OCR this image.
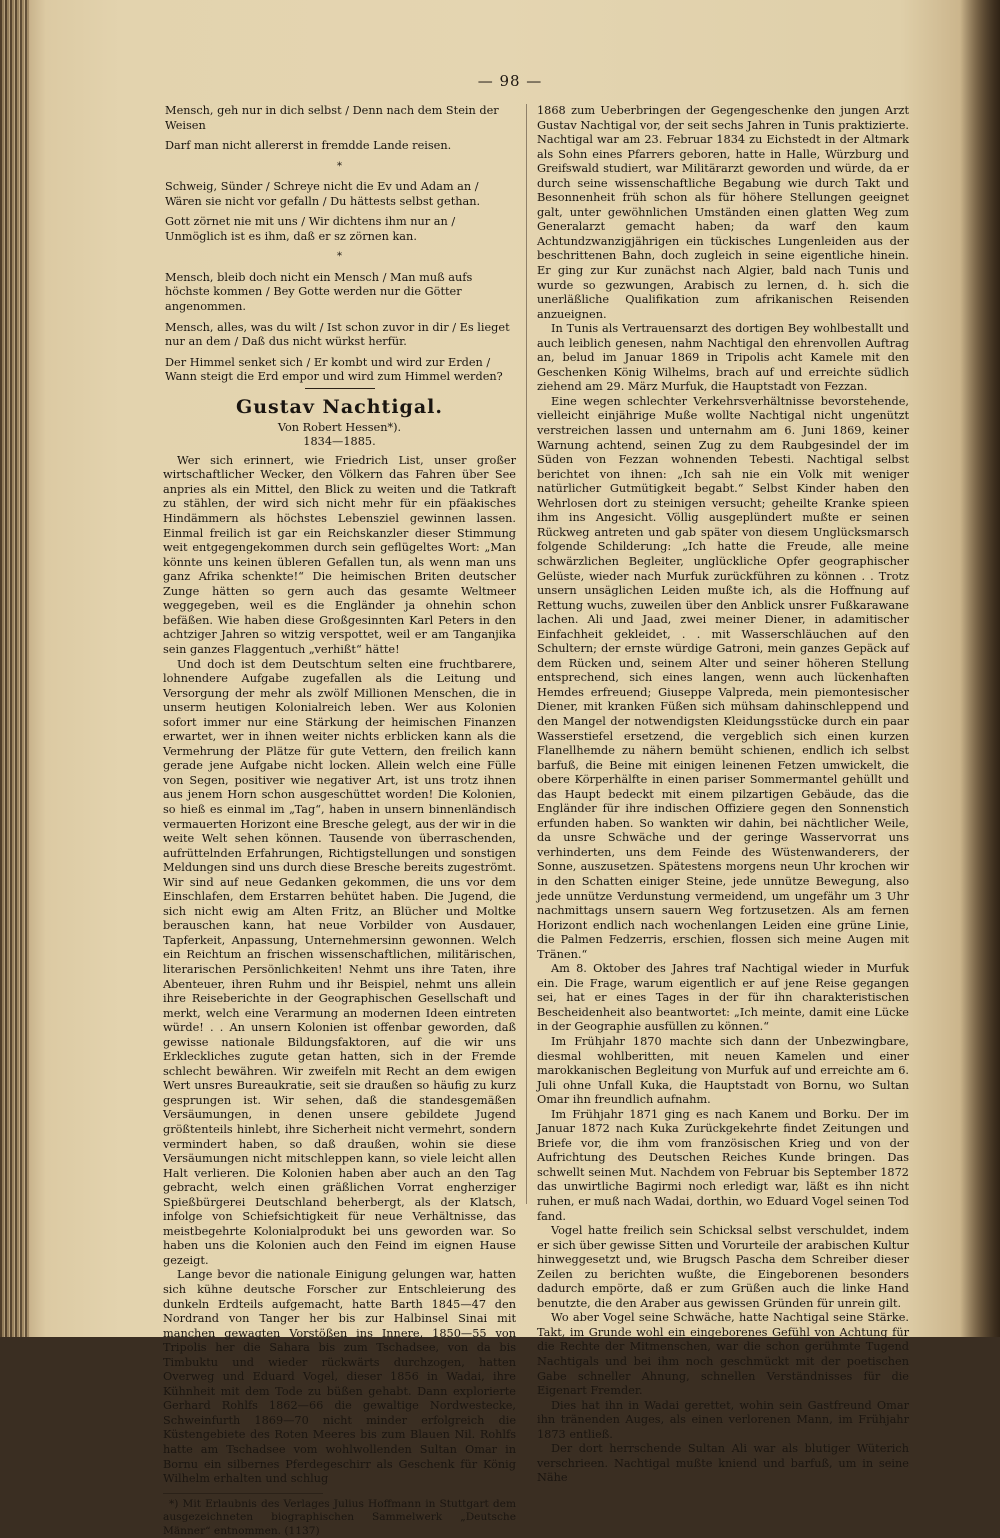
— 98 —

Mensch, geh nur in dich selbst / Denn nach dem Stein der Weisen

Darf man nicht allererst in fremdde Lande reisen.

*

Schweig, Sünder / Schreye nicht die Ev und Adam an / Wären sie nicht vor gefalln / Du hättests selbst gethan.

Gott zörnet nie mit uns / Wir dichtens ihm nur an / Unmöglich ist es ihm, daß er sz zörnen kan.

*

Mensch, bleib doch nicht ein Mensch / Man muß aufs höchste kommen / Bey Gotte werden nur die Götter angenommen.

Mensch, alles, was du wilt / Ist schon zuvor in dir / Es lieget nur an dem / Daß dus nicht würkst herfür.

Der Himmel senket sich / Er kombt und wird zur Erden / Wann steigt die Erd empor und wird zum Himmel werden?

Gustav Nachtigal.

Von Robert Hessen*).

1834—1885.

Wer sich erinnert, wie Friedrich List, unser großer wirtschaftlicher Wecker, den Völkern das Fahren über See anpries als ein Mittel, den Blick zu weiten und die Tatkraft zu stählen, der wird sich nicht mehr für ein pfäakisches Hindämmern als höchstes Lebensziel gewinnen lassen. Einmal freilich ist gar ein Reichskanzler dieser Stimmung weit entgegengekommen durch sein geflügeltes Wort: „Man könnte uns keinen übleren Gefallen tun, als wenn man uns ganz Afrika schenkte!“ Die heimischen Briten deutscher Zunge hätten so gern auch das gesamte Weltmeer weggegeben, weil es die Engländer ja ohnehin schon befäßen. Wie haben diese Großgesinnten Karl Peters in den achtziger Jahren so witzig verspottet, weil er am Tanganjika sein ganzes Flaggentuch „verhißt“ hätte!

Und doch ist dem Deutschtum selten eine fruchtbarere, lohnendere Aufgabe zugefallen als die Leitung und Versorgung der mehr als zwölf Millionen Menschen, die in unserm heutigen Kolonialreich leben. Wer aus Kolonien sofort immer nur eine Stärkung der heimischen Finanzen erwartet, wer in ihnen weiter nichts erblicken kann als die Vermehrung der Plätze für gute Vettern, den freilich kann gerade jene Aufgabe nicht locken. Allein welch eine Fülle von Segen, positiver wie negativer Art, ist uns trotz ihnen aus jenem Horn schon ausgeschüttet worden! Die Kolonien, so hieß es einmal im „Tag“, haben in unsern binnenländisch vermauerten Horizont eine Bresche gelegt, aus der wir in die weite Welt sehen können. Tausende von überraschenden, aufrüttelnden Erfahrungen, Richtigstellungen und sonstigen Meldungen sind uns durch diese Bresche bereits zugeströmt. Wir sind auf neue Gedanken gekommen, die uns vor dem Einschlafen, dem Erstarren behütet haben. Die Jugend, die sich nicht ewig am Alten Fritz, an Blücher und Moltke berauschen kann, hat neue Vorbilder von Ausdauer, Tapferkeit, Anpassung, Unternehmersinn gewonnen. Welch ein Reichtum an frischen wissenschaftlichen, militärischen, literarischen Persönlichkeiten! Nehmt uns ihre Taten, ihre Abenteuer, ihren Ruhm und ihr Beispiel, nehmt uns allein ihre Reiseberichte in der Geographischen Gesellschaft und merkt, welch eine Verarmung an modernen Ideen eintreten würde! . . An unsern Kolonien ist offenbar geworden, daß gewisse nationale Bildungsfaktoren, auf die wir uns Erkleckliches zugute getan hatten, sich in der Fremde schlecht bewähren. Wir zweifeln mit Recht an dem ewigen Wert unsres Bureaukratie, seit sie draußen so häufig zu kurz gesprungen ist. Wir sehen, daß die standesgemäßen Versäumungen, in denen unsere gebildete Jugend größtenteils hinlebt, ihre Sicherheit nicht vermehrt, sondern vermindert haben, so daß draußen, wohin sie diese Versäumungen nicht mitschleppen kann, so viele leicht allen Halt verlieren. Die Kolonien haben aber auch an den Tag gebracht, welch einen gräßlichen Vorrat engherziger Spießbürgerei Deutschland beherbergt, als der Klatsch, infolge von Schiefsichtigkeit für neue Verhältnisse, das meistbegehrte Kolonialprodukt bei uns geworden war. So haben uns die Kolonien auch den Feind im eignen Hause gezeigt.

Lange bevor die nationale Einigung gelungen war, hatten sich kühne deutsche Forscher zur Entschleierung des dunkeln Erdteils aufgemacht, hatte Barth 1845—47 den Nordrand von Tanger her bis zur Halbinsel Sinai mit manchen gewagten Vorstößen ins Innere, 1850—55 von Tripolis her die Sahara bis zum Tschadsee, von da bis Timbuktu und wieder rückwärts durchzogen, hatten Overweg und Eduard Vogel, dieser 1856 in Wadai, ihre Kühnheit mit dem Tode zu büßen gehabt. Dann explorierte Gerhard Rohlfs 1862—66 die gewaltige Nordwestecke, Schweinfurth 1869—70 nicht minder erfolgreich die Küstengebiete des Roten Meeres bis zum Blauen Nil. Rohlfs hatte am Tschadsee vom wohlwollenden Sultan Omar in Bornu ein silbernes Pferdegeschirr als Geschenk für König Wilhelm erhalten und schlug

*) Mit Erlaubnis des Verlages Julius Hoffmann in Stuttgart dem ausgezeichneten biographischen Sammelwerk „Deutsche Männer“ entnommen. (1137)

1868 zum Ueberbringen der Gegengeschenke den jungen Arzt Gustav Nachtigal vor, der seit sechs Jahren in Tunis praktizierte. Nachtigal war am 23. Februar 1834 zu Eichstedt in der Altmark als Sohn eines Pfarrers geboren, hatte in Halle, Würzburg und Greifswald studiert, war Militärarzt geworden und würde, da er durch seine wissenschaftliche Begabung wie durch Takt und Besonnenheit früh schon als für höhere Stellungen geeignet galt, unter gewöhnlichen Umständen einen glatten Weg zum Generalarzt gemacht haben; da warf den kaum Achtundzwanzigjährigen ein tückisches Lungenleiden aus der beschrittenen Bahn, doch zugleich in seine eigentliche hinein. Er ging zur Kur zunächst nach Algier, bald nach Tunis und wurde so gezwungen, Arabisch zu lernen, d. h. sich die unerläßliche Qualifikation zum afrikanischen Reisenden anzueignen.

In Tunis als Vertrauensarzt des dortigen Bey wohlbestallt und auch leiblich genesen, nahm Nachtigal den ehrenvollen Auftrag an, belud im Januar 1869 in Tripolis acht Kamele mit den Geschenken König Wilhelms, brach auf und erreichte südlich ziehend am 29. März Murfuk, die Hauptstadt von Fezzan.

Eine wegen schlechter Verkehrsverhältnisse bevorstehende, vielleicht einjährige Muße wollte Nachtigal nicht ungenützt verstreichen lassen und unternahm am 6. Juni 1869, keiner Warnung achtend, seinen Zug zu dem Raubgesindel der im Süden von Fezzan wohnenden Tebesti. Nachtigal selbst berichtet von ihnen: „Ich sah nie ein Volk mit weniger natürlicher Gutmütigkeit begabt.“ Selbst Kinder haben den Wehrlosen dort zu steinigen versucht; geheilte Kranke spieen ihm ins Angesicht. Völlig ausgeplündert mußte er seinen Rückweg antreten und gab später von diesem Unglücksmarsch folgende Schilderung: „Ich hatte die Freude, alle meine schwärzlichen Begleiter, unglückliche Opfer geographischer Gelüste, wieder nach Murfuk zurückführen zu können . . Trotz unsern unsäglichen Leiden mußte ich, als die Hoffnung auf Rettung wuchs, zuweilen über den Anblick unsrer Fußkarawane lachen. Ali und Jaad, zwei meiner Diener, in adamitischer Einfachheit gekleidet, . . mit Wasserschläuchen auf den Schultern; der ernste würdige Gatroni, mein ganzes Gepäck auf dem Rücken und, seinem Alter und seiner höheren Stellung entsprechend, sich eines langen, wenn auch lückenhaften Hemdes erfreuend; Giuseppe Valpreda, mein piemontesischer Diener, mit kranken Füßen sich mühsam dahinschleppend und den Mangel der notwendigsten Kleidungsstücke durch ein paar Wasserstiefel ersetzend, die vergeblich sich einen kurzen Flanellhemde zu nähern bemüht schienen, endlich ich selbst barfuß, die Beine mit einigen leinenen Fetzen umwickelt, die obere Körperhälfte in einen pariser Sommermantel gehüllt und das Haupt bedeckt mit einem pilzartigen Gebäude, das die Engländer für ihre indischen Offiziere gegen den Sonnenstich erfunden haben. So wankten wir dahin, bei nächtlicher Weile, da unsre Schwäche und der geringe Wasservorrat uns verhinderten, uns dem Feinde des Wüstenwanderers, der Sonne, auszusetzen. Spätestens morgens neun Uhr krochen wir in den Schatten einiger Steine, jede unnütze Bewegung, also jede unnütze Verdunstung vermeidend, um ungefähr um 3 Uhr nachmittags unsern sauern Weg fortzusetzen. Als am fernen Horizont endlich nach wochenlangen Leiden eine grüne Linie, die Palmen Fedzerris, erschien, flossen sich meine Augen mit Tränen.“

Am 8. Oktober des Jahres traf Nachtigal wieder in Murfuk ein. Die Frage, warum eigentlich er auf jene Reise gegangen sei, hat er eines Tages in der für ihn charakteristischen Bescheidenheit also beantwortet: „Ich meinte, damit eine Lücke in der Geographie ausfüllen zu können.“

Im Frühjahr 1870 machte sich dann der Unbezwingbare, diesmal wohlberitten, mit neuen Kamelen und einer marokkanischen Begleitung von Murfuk auf und erreichte am 6. Juli ohne Unfall Kuka, die Hauptstadt von Bornu, wo Sultan Omar ihn freundlich aufnahm.

Im Frühjahr 1871 ging es nach Kanem und Borku. Der im Januar 1872 nach Kuka Zurückgekehrte findet Zeitungen und Briefe vor, die ihm vom französischen Krieg und von der Aufrichtung des Deutschen Reiches Kunde bringen. Das schwellt seinen Mut. Nachdem von Februar bis September 1872 das unwirtliche Bagirmi noch erledigt war, läßt es ihn nicht ruhen, er muß nach Wadai, dorthin, wo Eduard Vogel seinen Tod fand.

Vogel hatte freilich sein Schicksal selbst verschuldet, indem er sich über gewisse Sitten und Vorurteile der arabischen Kultur hinweggesetzt und, wie Brugsch Pascha dem Schreiber dieser Zeilen zu berichten wußte, die Eingeborenen besonders dadurch empörte, daß er zum Grüßen auch die linke Hand benutzte, die den Araber aus gewissen Gründen für unrein gilt.

Wo aber Vogel seine Schwäche, hatte Nachtigal seine Stärke. Takt, im Grunde wohl ein eingeborenes Gefühl von Achtung für die Rechte der Mitmenschen, war die schon gerühmte Tugend Nachtigals und bei ihm noch geschmückt mit der poetischen Gabe schneller Ahnung, schnellen Verständnisses für die Eigenart Fremder.

Dies hat ihn in Wadai gerettet, wohin sein Gastfreund Omar ihn tränenden Auges, als einen verlorenen Mann, im Frühjahr 1873 entließ.

Der dort herrschende Sultan Ali war als blutiger Wüterich verschrieen. Nachtigal mußte kniend und barfuß, um in seine Nähe
